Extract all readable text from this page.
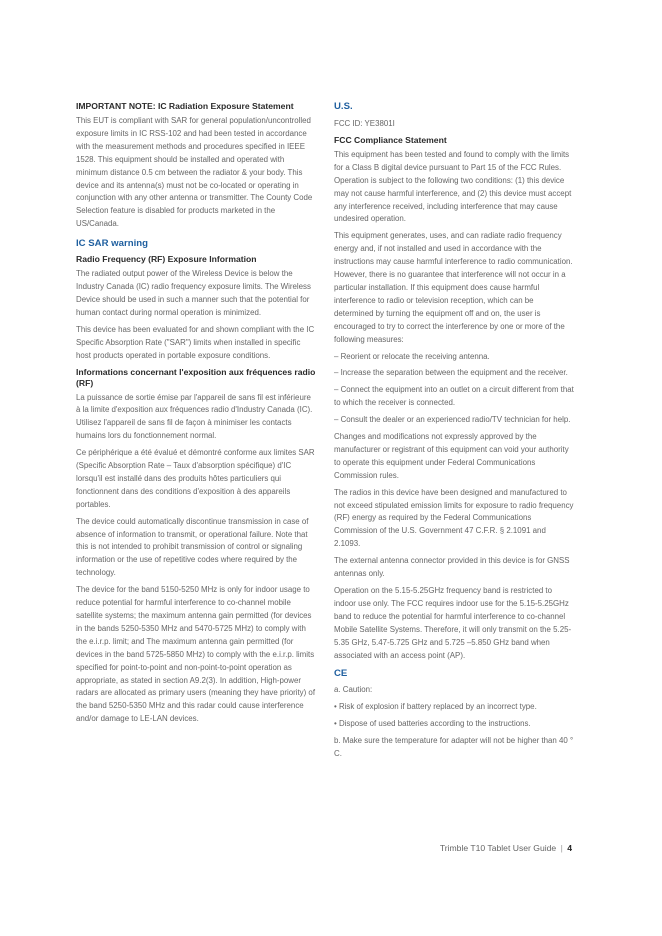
IMPORTANT NOTE: IC Radiation Exposure Statement

This EUT is compliant with SAR for general population/uncontrolled exposure limits in IC RSS-102 and had been tested in accordance with the measurement methods and procedures specified in IEEE 1528. This equipment should be installed and operated with minimum distance 0.5 cm between the radiator & your body. This device and its antenna(s) must not be co-located or operating in conjunction with any other antenna or transmitter. The County Code Selection feature is disabled for products marketed in the US/Canada.

IC SAR warning
Radio Frequency (RF) Exposure Information

The radiated output power of the Wireless Device is below the Industry Canada (IC) radio frequency exposure limits. The Wireless Device should be used in such a manner such that the potential for human contact during normal operation is minimized.

This device has been evaluated for and shown compliant with the IC Specific Absorption Rate ("SAR") limits when installed in specific host products operated in portable exposure conditions.

Informations concernant l'exposition aux fréquences radio (RF)

La puissance de sortie émise par l'appareil de sans fil est inférieure à la limite d'exposition aux fréquences radio d'Industry Canada (IC). Utilisez l'appareil de sans fil de façon à minimiser les contacts humains lors du fonctionnement normal.

Ce périphérique a été évalué et démontré conforme aux limites SAR (Specific Absorption Rate – Taux d'absorption spécifique) d'IC lorsqu'il est installé dans des produits hôtes particuliers qui fonctionnent dans des conditions d'exposition à des appareils portables.

The device could automatically discontinue transmission in case of absence of information to transmit, or operational failure. Note that this is not intended to prohibit transmission of control or signaling information or the use of repetitive codes where required by the technology.

The device for the band 5150-5250 MHz is only for indoor usage to reduce potential for harmful interference to co-channel mobile satellite systems; the maximum antenna gain permitted (for devices in the bands 5250-5350 MHz and 5470-5725 MHz) to comply with the e.i.r.p. limit; and The maximum antenna gain permitted (for devices in the band 5725-5850 MHz) to comply with the e.i.r.p. limits specified for point-to-point and non-point-to-point operation as appropriate, as stated in section A9.2(3). In addition, High-power radars are allocated as primary users (meaning they have priority) of the band 5250-5350 MHz and this radar could cause interference and/or damage to LE-LAN devices.

U.S.

FCC ID: YE3801I

FCC Compliance Statement

This equipment has been tested and found to comply with the limits for a Class B digital device pursuant to Part 15 of the FCC Rules. Operation is subject to the following two conditions: (1) this device may not cause harmful interference, and (2) this device must accept any interference received, including interference that may cause undesired operation.

This equipment generates, uses, and can radiate radio frequency energy and, if not installed and used in accordance with the instructions may cause harmful interference to radio communication. However, there is no guarantee that interference will not occur in a particular installation. If this equipment does cause harmful interference to radio or television reception, which can be determined by turning the equipment off and on, the user is encouraged to try to correct the interference by one or more of the following measures:

– Reorient or relocate the receiving antenna.

– Increase the separation between the equipment and the receiver.

– Connect the equipment into an outlet on a circuit different from that to which the receiver is connected.

– Consult the dealer or an experienced radio/TV technician for help.

Changes and modifications not expressly approved by the manufacturer or registrant of this equipment can void your authority to operate this equipment under Federal Communications Commission rules.

The radios in this device have been designed and manufactured to not exceed stipulated emission limits for exposure to radio frequency (RF) energy as required by the Federal Communications Commission of the U.S. Government 47 C.F.R. § 2.1091 and 2.1093.

The external antenna connector provided in this device is for GNSS antennas only.

Operation on the 5.15-5.25GHz frequency band is restricted to indoor use only. The FCC requires indoor use for the 5.15-5.25GHz band to reduce the potential for harmful interference to co-channel Mobile Satellite Systems. Therefore, it will only transmit on the 5.25-5.35 GHz, 5.47-5.725 GHz and 5.725 –5.850 GHz band when associated with an access point (AP).

CE

a. Caution:

• Risk of explosion if battery replaced by an incorrect type.

• Dispose of used batteries according to the instructions.

b. Make sure the temperature for adapter will not be higher than 40 ° C.

Trimble T10 Tablet User Guide | 4
